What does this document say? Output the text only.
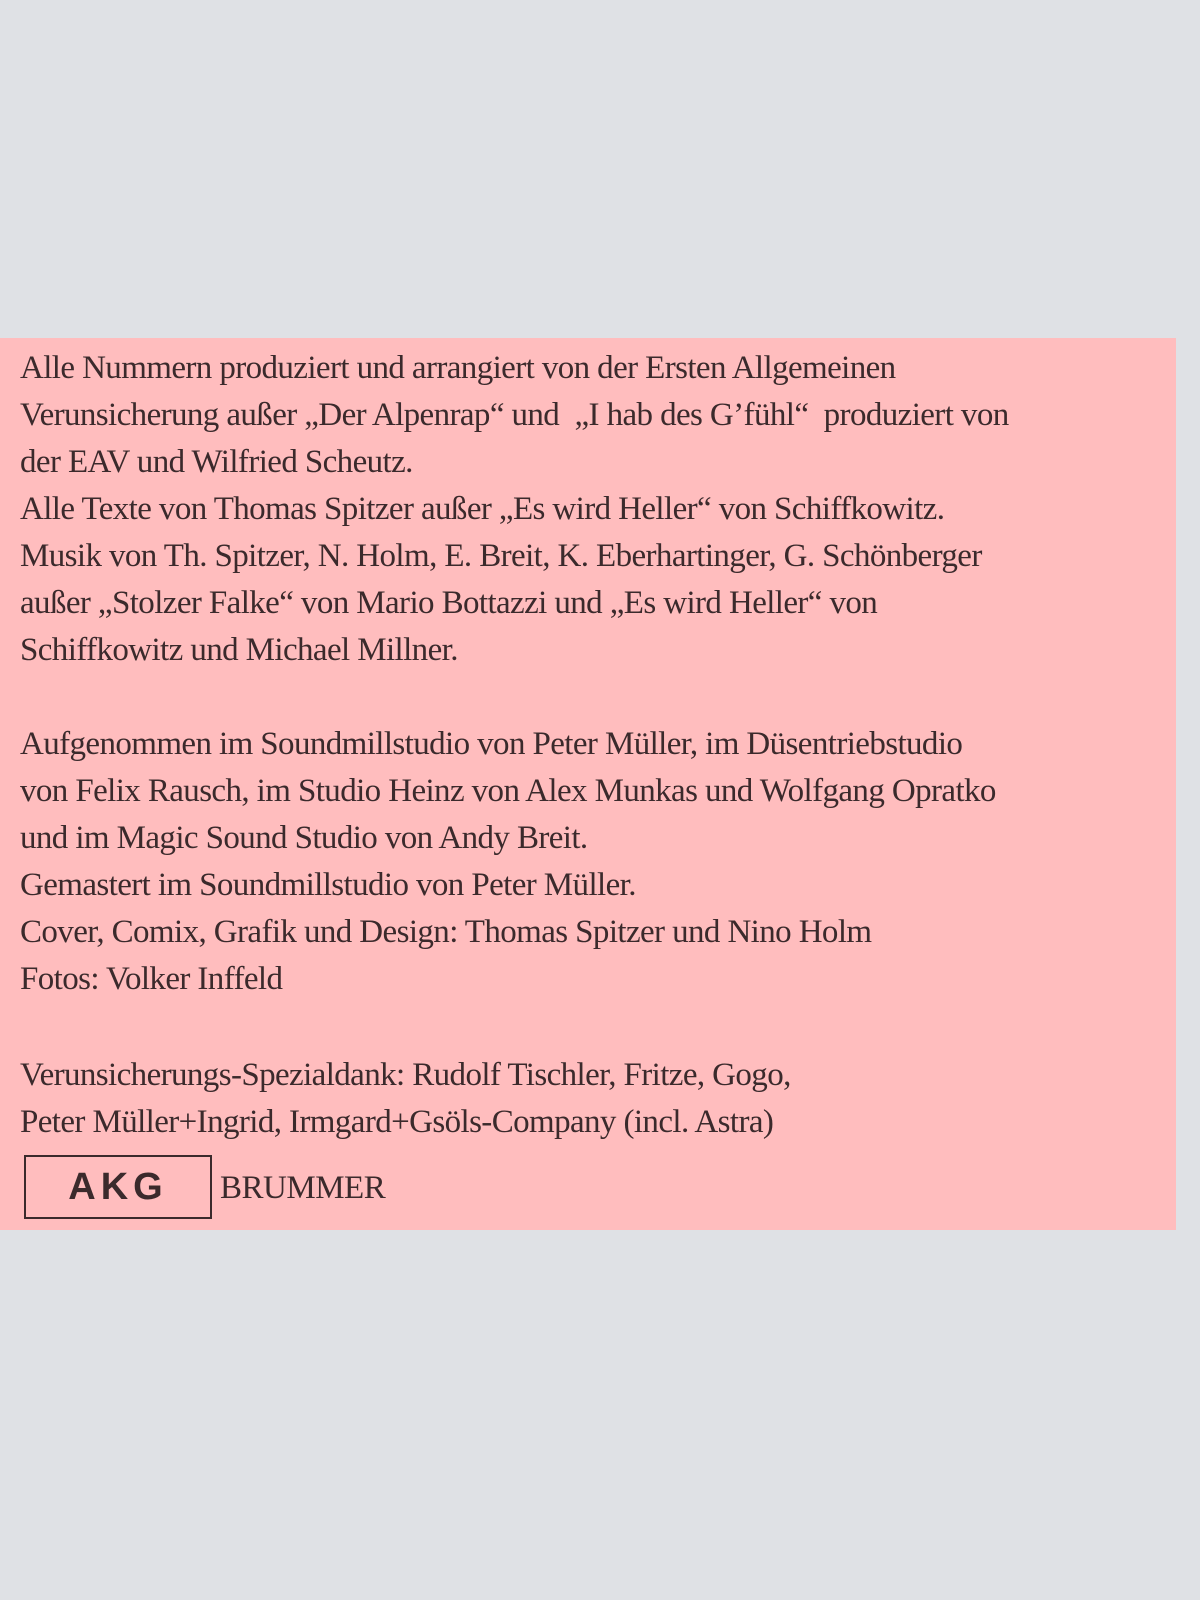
Alle Nummern produziert und arrangiert von der Ersten Allgemeinen
Verunsicherung außer „Der Alpenrap“ und  „I hab des G’fühl“  produziert von
der EAV und Wilfried Scheutz.
Alle Texte von Thomas Spitzer außer „Es wird Heller“ von Schiffkowitz.
Musik von Th. Spitzer, N. Holm, E. Breit, K. Eberhartinger, G. Schönberger
außer „Stolzer Falke“ von Mario Bottazzi und „Es wird Heller“ von
Schiffkowitz und Michael Millner.
Aufgenommen im Soundmillstudio von Peter Müller, im Düsentriebstudio
von Felix Rausch, im Studio Heinz von Alex Munkas und Wolfgang Opratko
und im Magic Sound Studio von Andy Breit.
Gemastert im Soundmillstudio von Peter Müller.
Cover, Comix, Grafik und Design: Thomas Spitzer und Nino Holm
Fotos: Volker Inffeld
Verunsicherungs-Spezialdank: Rudolf Tischler, Fritze, Gogo,
Peter Müller+Ingrid, Irmgard+Gsöls-Company (incl. Astra)
AKG	BRUMMER
